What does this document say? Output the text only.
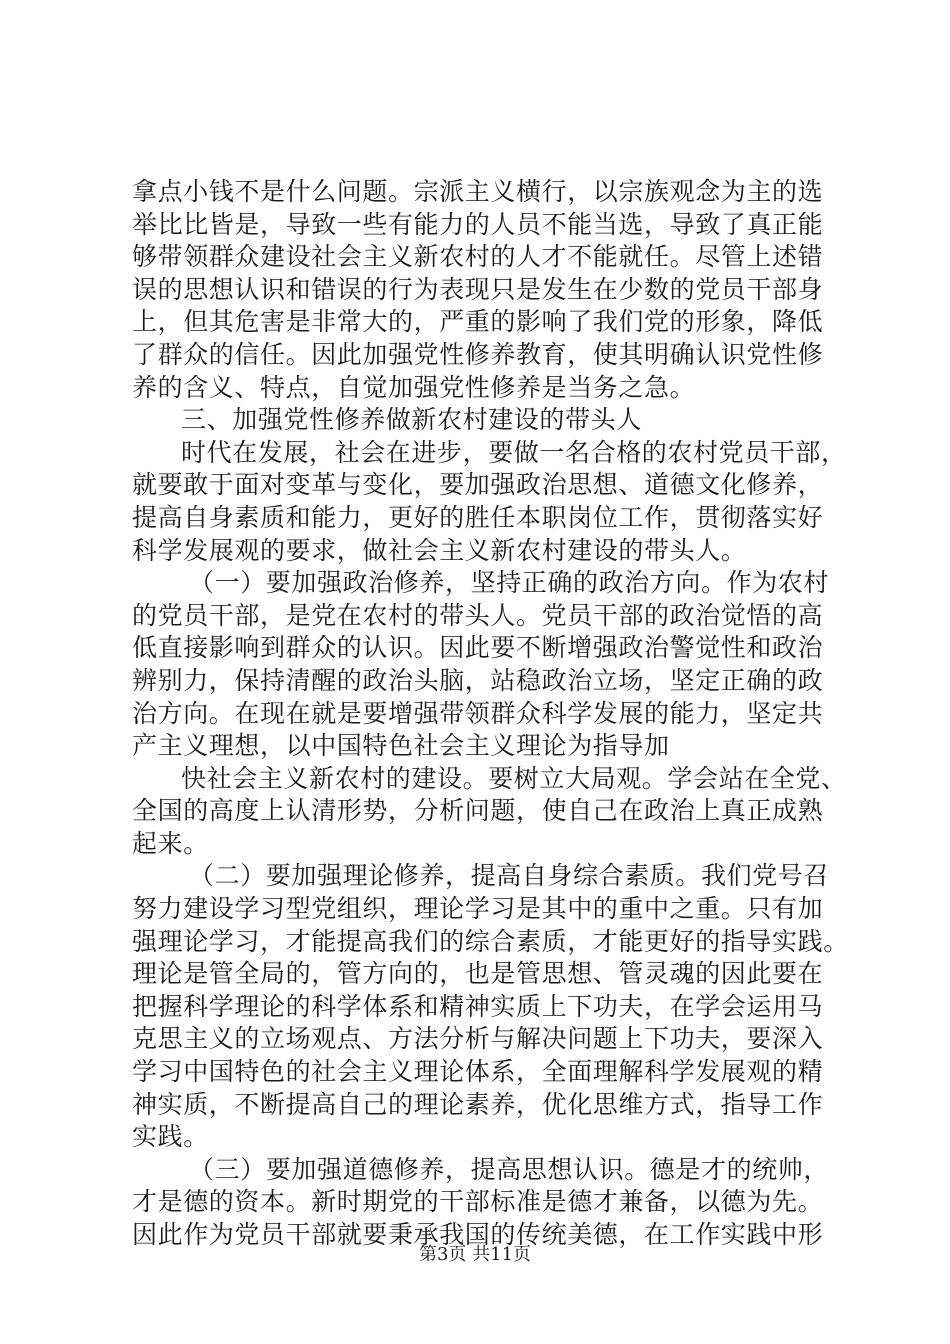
拿点小钱不是什么问题。宗派主义横行，以宗族观念为主的选
举比比皆是，导致一些有能力的人员不能当选，导致了真正能
够带领群众建设社会主义新农村的人才不能就任。尽管上述错
误的思想认识和错误的行为表现只是发生在少数的党员干部身
上，但其危害是非常大的，严重的影响了我们党的形象，降低
了群众的信任。因此加强党性修养教育，使其明确认识党性修
养的含义、特点，自觉加强党性修养是当务之急。
三、加强党性修养做新农村建设的带头人
时代在发展，社会在进步，要做一名合格的农村党员干部，
就要敢于面对变革与变化，要加强政治思想、道德文化修养，
提高自身素质和能力，更好的胜任本职岗位工作，贯彻落实好
科学发展观的要求，做社会主义新农村建设的带头人。
（一）要加强政治修养，坚持正确的政治方向。作为农村
的党员干部，是党在农村的带头人。党员干部的政治觉悟的高
低直接影响到群众的认识。因此要不断增强政治警觉性和政治
辨别力，保持清醒的政治头脑，站稳政治立场，坚定正确的政
治方向。在现在就是要增强带领群众科学发展的能力，坚定共
产主义理想，以中国特色社会主义理论为指导加
快社会主义新农村的建设。要树立大局观。学会站在全党、
全国的高度上认清形势，分析问题，使自己在政治上真正成熟
起来。
（二）要加强理论修养，提高自身综合素质。我们党号召
努力建设学习型党组织，理论学习是其中的重中之重。只有加
强理论学习，才能提高我们的综合素质，才能更好的指导实践。
理论是管全局的，管方向的，也是管思想、管灵魂的因此要在
把握科学理论的科学体系和精神实质上下功夫，在学会运用马
克思主义的立场观点、方法分析与解决问题上下功夫，要深入
学习中国特色的社会主义理论体系，全面理解科学发展观的精
神实质，不断提高自己的理论素养，优化思维方式，指导工作
实践。
（三）要加强道德修养，提高思想认识。德是才的统帅，
才是德的资本。新时期党的干部标准是德才兼备，以德为先。
因此作为党员干部就要秉承我国的传统美德，在工作实践中形
第3页 共11页
